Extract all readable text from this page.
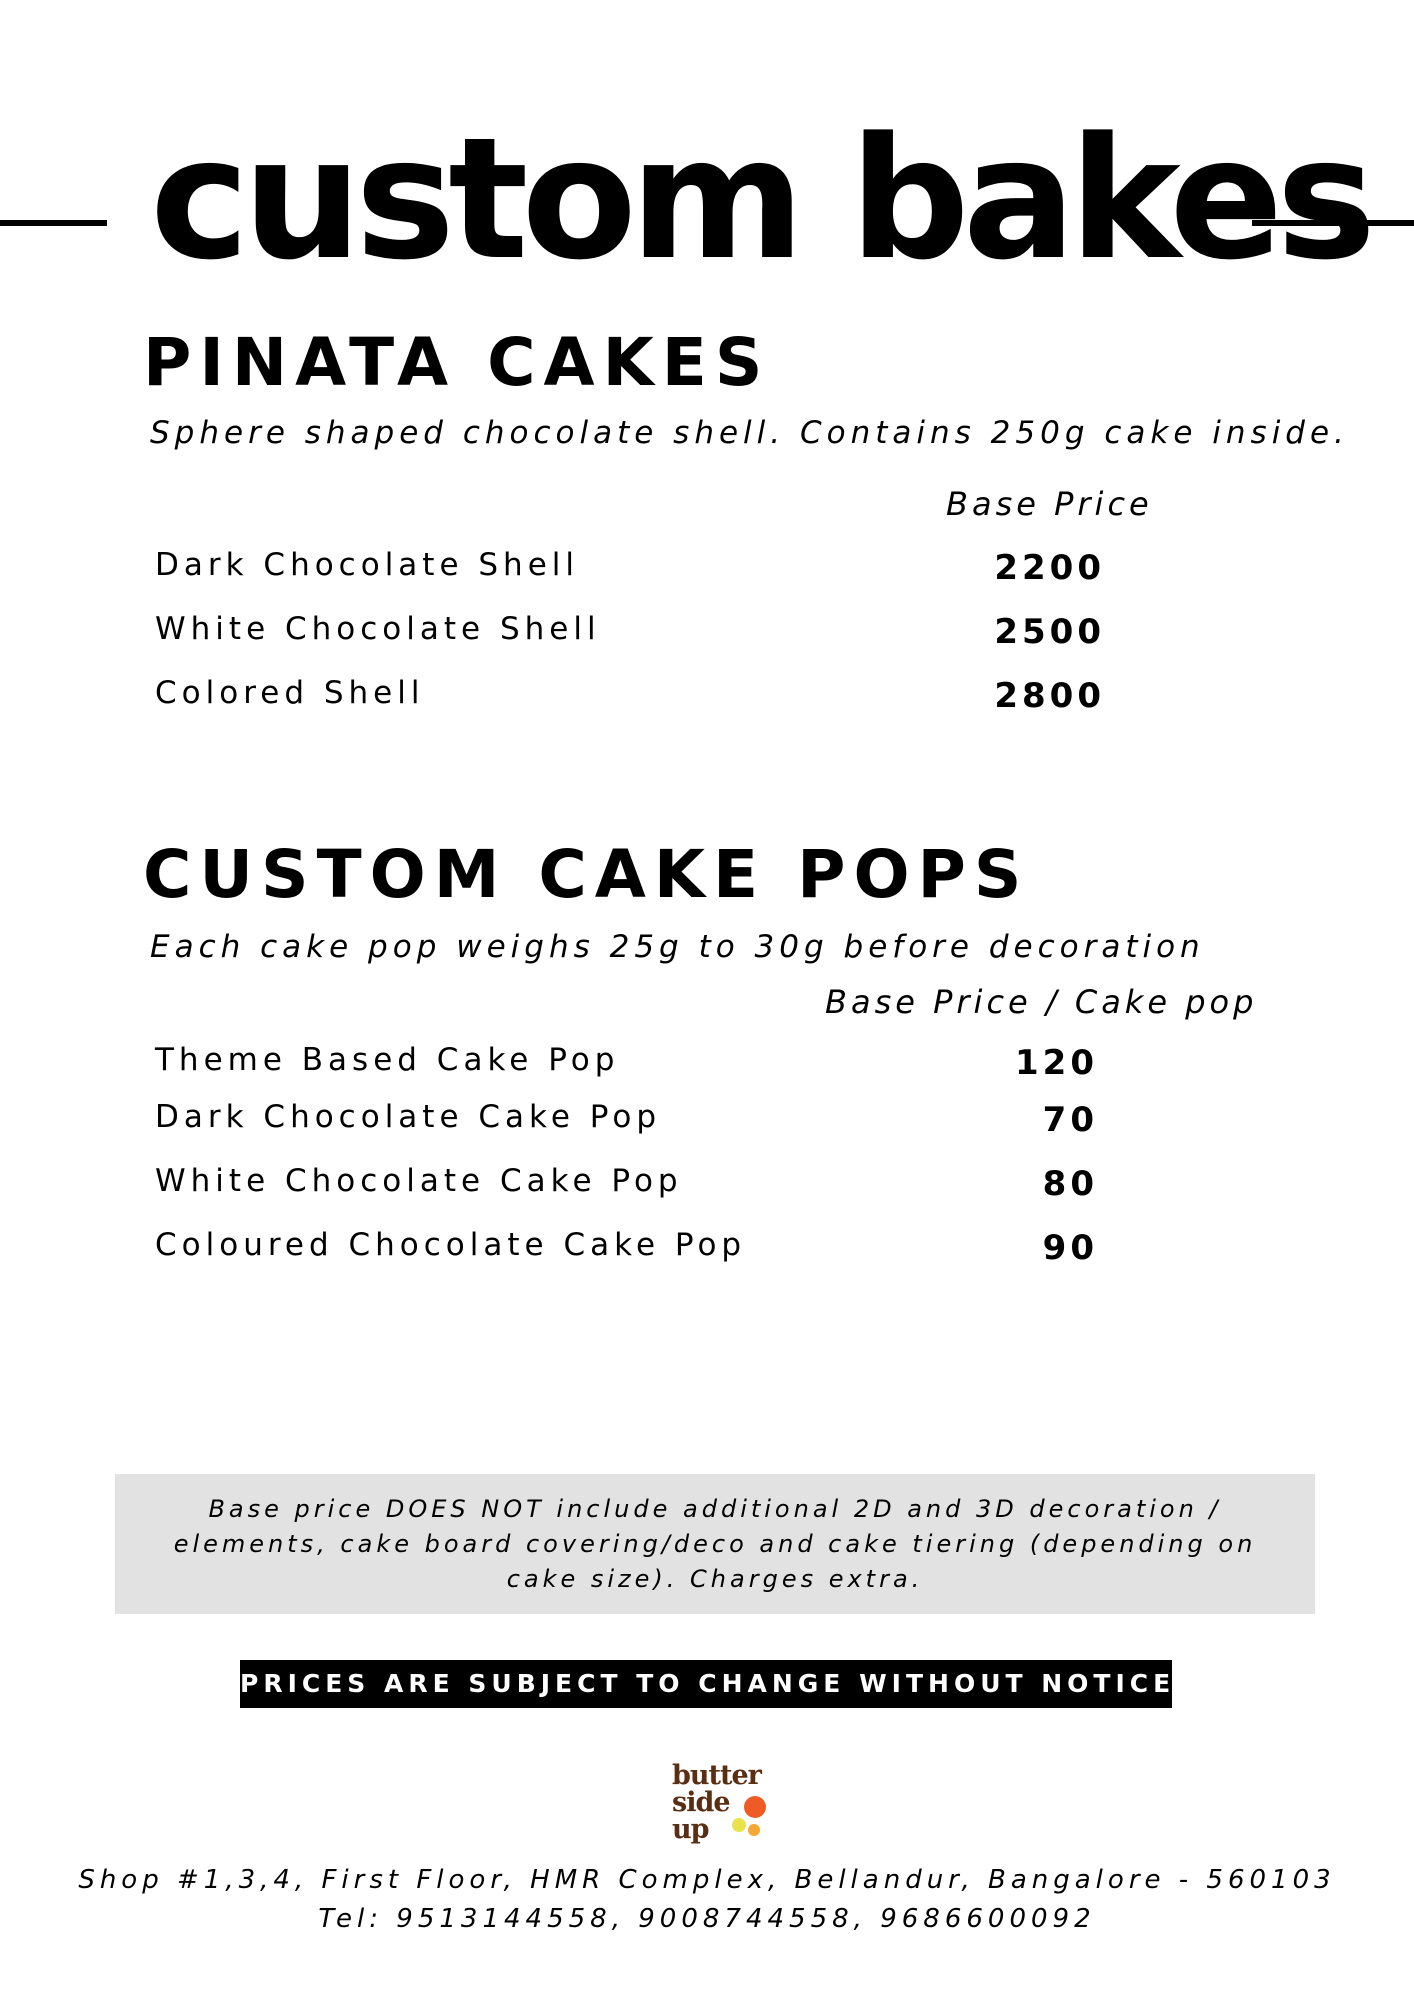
custom bakes
PINATA CAKES
Sphere shaped chocolate shell. Contains 250g cake inside.
Base Price
Dark Chocolate Shell	2200
White Chocolate Shell	2500
Colored Shell	2800
CUSTOM CAKE POPS
Each cake pop weighs 25g to 30g before decoration
Base Price / Cake pop
Theme Based Cake Pop	120
Dark Chocolate Cake Pop	70
White Chocolate Cake Pop	80
Coloured Chocolate Cake Pop	90
Base price DOES NOT include additional 2D and 3D decoration / elements, cake board covering/deco and cake tiering (depending on cake size). Charges extra.
PRICES ARE SUBJECT TO CHANGE WITHOUT NOTICE
butter
side
up
Shop #1,3,4, First Floor, HMR Complex, Bellandur, Bangalore - 560103
Tel: 9513144558, 9008744558, 9686600092
